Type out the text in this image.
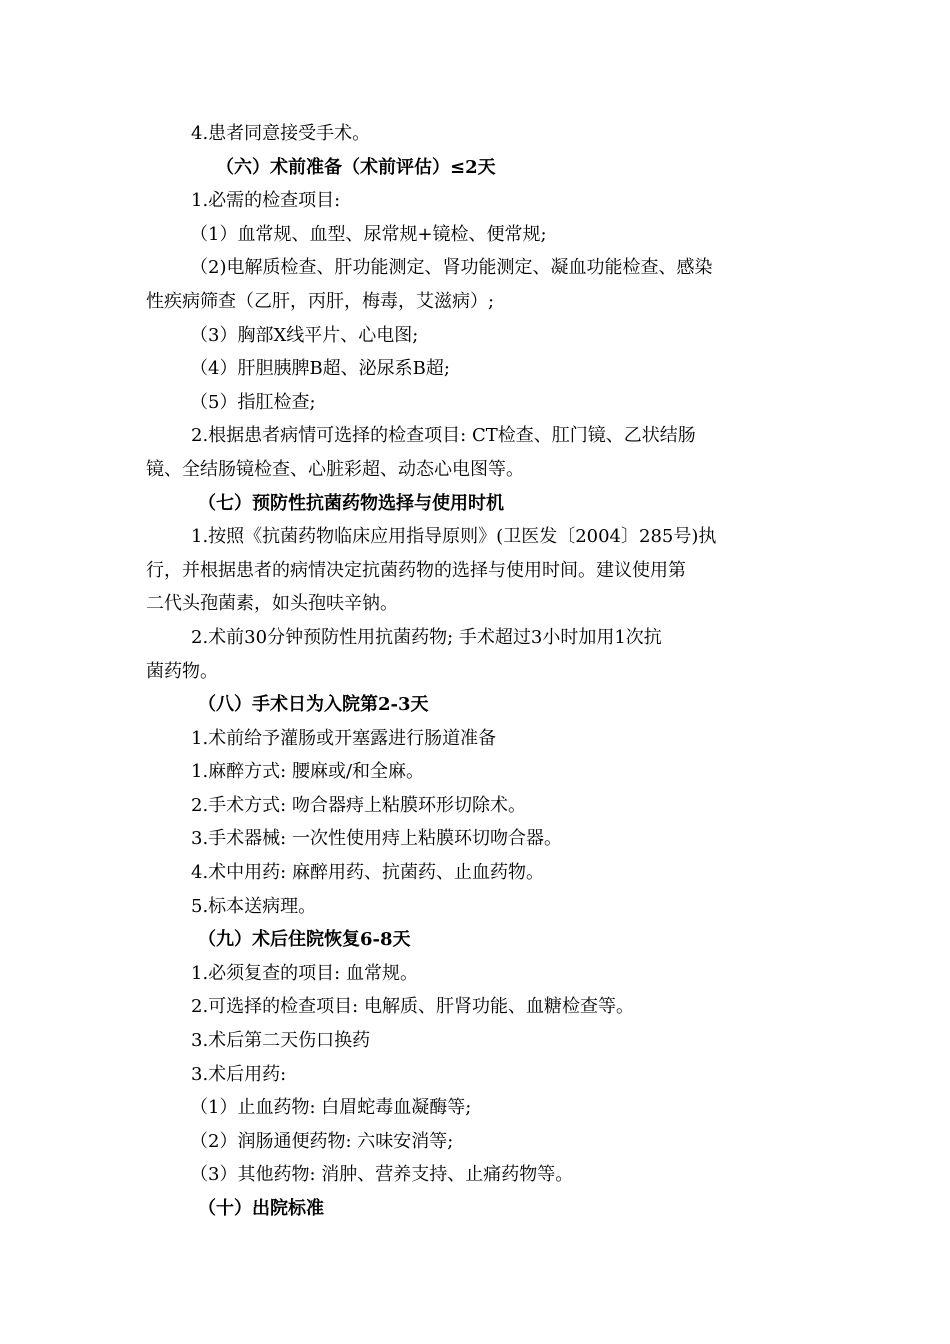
4.患者同意接受手术。
（六）术前准备（术前评估）≤2天
1.必需的检查项目:
（1）血常规、血型、尿常规+镜检、便常规;
（2)电解质检查、肝功能测定、肾功能测定、凝血功能检查、感染
性疾病筛查（乙肝，丙肝，梅毒，艾滋病）;
（3）胸部X线平片、心电图;
（4）肝胆胰脾B超、泌尿系B超;
（5）指肛检查;
2.根据患者病情可选择的检查项目: CT检查、肛门镜、乙状结肠
镜、全结肠镜检查、心脏彩超、动态心电图等。
（七）预防性抗菌药物选择与使用时机
1.按照《抗菌药物临床应用指导原则》(卫医发〔2004〕285号)执
行，并根据患者的病情决定抗菌药物的选择与使用时间。建议使用第
二代头孢菌素，如头孢呋辛钠。
2.术前30分钟预防性用抗菌药物; 手术超过3小时加用1次抗
菌药物。
（八）手术日为入院第2-3天
1.术前给予灌肠或开塞露进行肠道准备
1.麻醉方式: 腰麻或/和全麻。
2.手术方式: 吻合器痔上粘膜环形切除术。
3.手术器械: 一次性使用痔上粘膜环切吻合器。
4.术中用药: 麻醉用药、抗菌药、止血药物。
5.标本送病理。
（九）术后住院恢复6-8天
1.必须复查的项目: 血常规。
2.可选择的检查项目: 电解质、肝肾功能、血糖检查等。
3.术后第二天伤口换药
3.术后用药:
（1）止血药物: 白眉蛇毒血凝酶等;
（2）润肠通便药物: 六味安消等;
（3）其他药物: 消肿、营养支持、止痛药物等。
（十）出院标准
